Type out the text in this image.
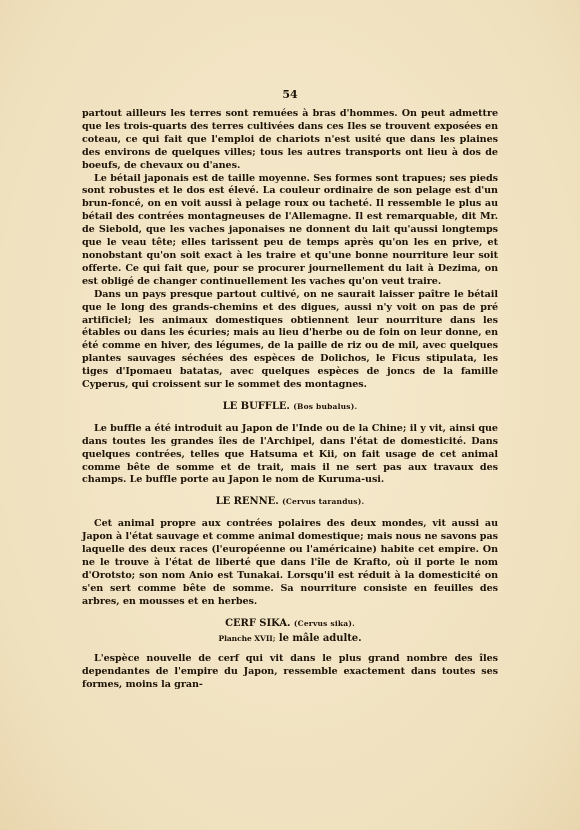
54

partout ailleurs les terres sont remuées à bras d'hommes. On peut admettre que les trois-quarts des terres cultivées dans ces Iles se trouvent exposées en coteau, ce qui fait que l'emploi de chariots n'est usité que dans les plaines des environs de quelques villes; tous les autres transports ont lieu à dos de boeufs, de chevaux ou d'anes.

Le bétail japonais est de taille moyenne. Ses formes sont trapues; ses pieds sont robustes et le dos est élevé. La couleur ordinaire de son pelage est d'un brun-foncé, on en voit aussi à pelage roux ou tacheté. Il ressemble le plus au bétail des contrées montagneuses de l'Allemagne. Il est remarquable, dit Mr. de Siebold, que les vaches japonaises ne donnent du lait qu'aussi longtemps que le veau tête; elles tarissent peu de temps après qu'on les en prive, et nonobstant qu'on soit exact à les traire et qu'une bonne nourriture leur soit offerte. Ce qui fait que, pour se procurer journellement du lait à Dezima, on est obligé de changer continuellement les vaches qu'on veut traire.

Dans un pays presque partout cultivé, on ne saurait laisser paître le bétail que le long des grands-chemins et des digues, aussi n'y voit on pas de pré artificiel; les animaux domestiques obtiennent leur nourriture dans les étables ou dans les écuries; mais au lieu d'herbe ou de foin on leur donne, en été comme en hiver, des légumes, de la paille de riz ou de mil, avec quelques plantes sauvages séchées des espèces de Dolichos, le Ficus stipulata, les tiges d'Ipomaeu batatas, avec quelques espèces de joncs de la famille Cyperus, qui croissent sur le sommet des montagnes.

LE BUFFLE. (Bos bubalus).

Le buffle a été introduit au Japon de l'Inde ou de la Chine; il y vit, ainsi que dans toutes les grandes îles de l'Archipel, dans l'état de domesticité. Dans quelques contrées, telles que Hatsuma et Kii, on fait usage de cet animal comme bête de somme et de trait, mais il ne sert pas aux travaux des champs. Le buffle porte au Japon le nom de Kuruma-usi.

LE RENNE. (Cervus tarandus).

Cet animal propre aux contrées polaires des deux mondes, vit aussi au Japon à l'état sauvage et comme animal domestique; mais nous ne savons pas laquelle des deux races (l'européenne ou l'américaine) habite cet empire. On ne le trouve à l'état de liberté que dans l'île de Krafto, où il porte le nom d'Orotsto; son nom Anio est Tunakai. Lorsqu'il est réduit à la domesticité on s'en sert comme bête de somme. Sa nourriture consiste en feuilles des arbres, en mousses et en herbes.

CERF SIKA. (Cervus sika).
Planche XVII; le mâle adulte.

L'espèce nouvelle de cerf qui vit dans le plus grand nombre des îles dependantes de l'empire du Japon, ressemble exactement dans toutes ses formes, moins la gran-
